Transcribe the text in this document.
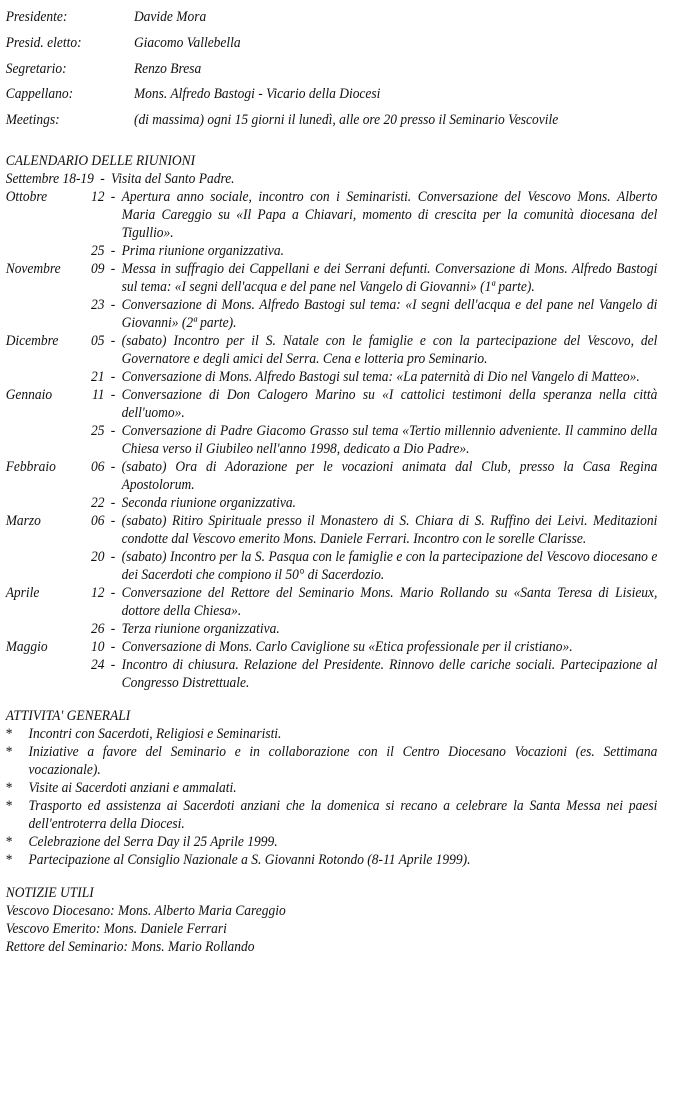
Presidente:	Davide Mora
Presid. eletto:	Giacomo Vallebella
Segretario:	Renzo Bresa
Cappellano:	Mons. Alfredo Bastogi - Vicario della Diocesi
Meetings:	(di massima) ogni 15 giorni il lunedì, alle ore 20 presso il Seminario Vescovile
CALENDARIO DELLE RIUNIONI
Settembre 18-19 - Visita del Santo Padre.
Ottobre	12 - Apertura anno sociale, incontro con i Seminaristi. Conversazione del Vescovo Mons. Alberto Maria Careggio su «Il Papa a Chiavari, momento di crescita per la comunità diocesana del Tigullio».
25 - Prima riunione organizzativa.
Novembre	09 - Messa in suffragio dei Cappellani e dei Serrani defunti. Conversazione di Mons. Alfredo Bastogi sul tema: «I segni dell'acqua e del pane nel Vangelo di Giovanni» (1ª parte).
23 - Conversazione di Mons. Alfredo Bastogi sul tema: «I segni dell'acqua e del pane nel Vangelo di Giovanni» (2ª parte).
Dicembre	05 - (sabato) Incontro per il S. Natale con le famiglie e con la partecipazione del Vescovo, del Governatore e degli amici del Serra. Cena e lotteria pro Seminario.
21 - Conversazione di Mons. Alfredo Bastogi sul tema: «La paternità di Dio nel Vangelo di Matteo».
Gennaio	11 - Conversazione di Don Calogero Marino su «I cattolici testimoni della speranza nella città dell'uomo».
25 - Conversazione di Padre Giacomo Grasso sul tema «Tertio millennio adveniente. Il cammino della Chiesa verso il Giubileo nell'anno 1998, dedicato a Dio Padre».
Febbraio	06 - (sabato) Ora di Adorazione per le vocazioni animata dal Club, presso la Casa Regina Apostolorum.
22 - Seconda riunione organizzativa.
Marzo	06 - (sabato) Ritiro Spirituale presso il Monastero di S. Chiara di S. Ruffino dei Leivi. Meditazioni condotte dal Vescovo emerito Mons. Daniele Ferrari. Incontro con le sorelle Clarisse.
20 - (sabato) Incontro per la S. Pasqua con le famiglie e con la partecipazione del Vescovo diocesano e dei Sacerdoti che compiono il 50° di Sacerdozio.
Aprile	12 - Conversazione del Rettore del Seminario Mons. Mario Rollando su «Santa Teresa di Lisieux, dottore della Chiesa».
26 - Terza riunione organizzativa.
Maggio	10 - Conversazione di Mons. Carlo Caviglione su «Etica professionale per il cristiano».
24 - Incontro di chiusura. Relazione del Presidente. Rinnovo delle cariche sociali. Partecipazione al Congresso Distrettuale.
ATTIVITA' GENERALI
*	Incontri con Sacerdoti, Religiosi e Seminaristi.
*	Iniziative a favore del Seminario e in collaborazione con il Centro Diocesano Vocazioni (es. Settimana vocazionale).
*	Visite ai Sacerdoti anziani e ammalati.
*	Trasporto ed assistenza ai Sacerdoti anziani che la domenica si recano a celebrare la Santa Messa nei paesi dell'entroterra della Diocesi.
*	Celebrazione del Serra Day il 25 Aprile 1999.
*	Partecipazione al Consiglio Nazionale a S. Giovanni Rotondo (8-11 Aprile 1999).
NOTIZIE UTILI
Vescovo Diocesano: Mons. Alberto Maria Careggio
Vescovo Emerito: Mons. Daniele Ferrari
Rettore del Seminario: Mons. Mario Rollando
